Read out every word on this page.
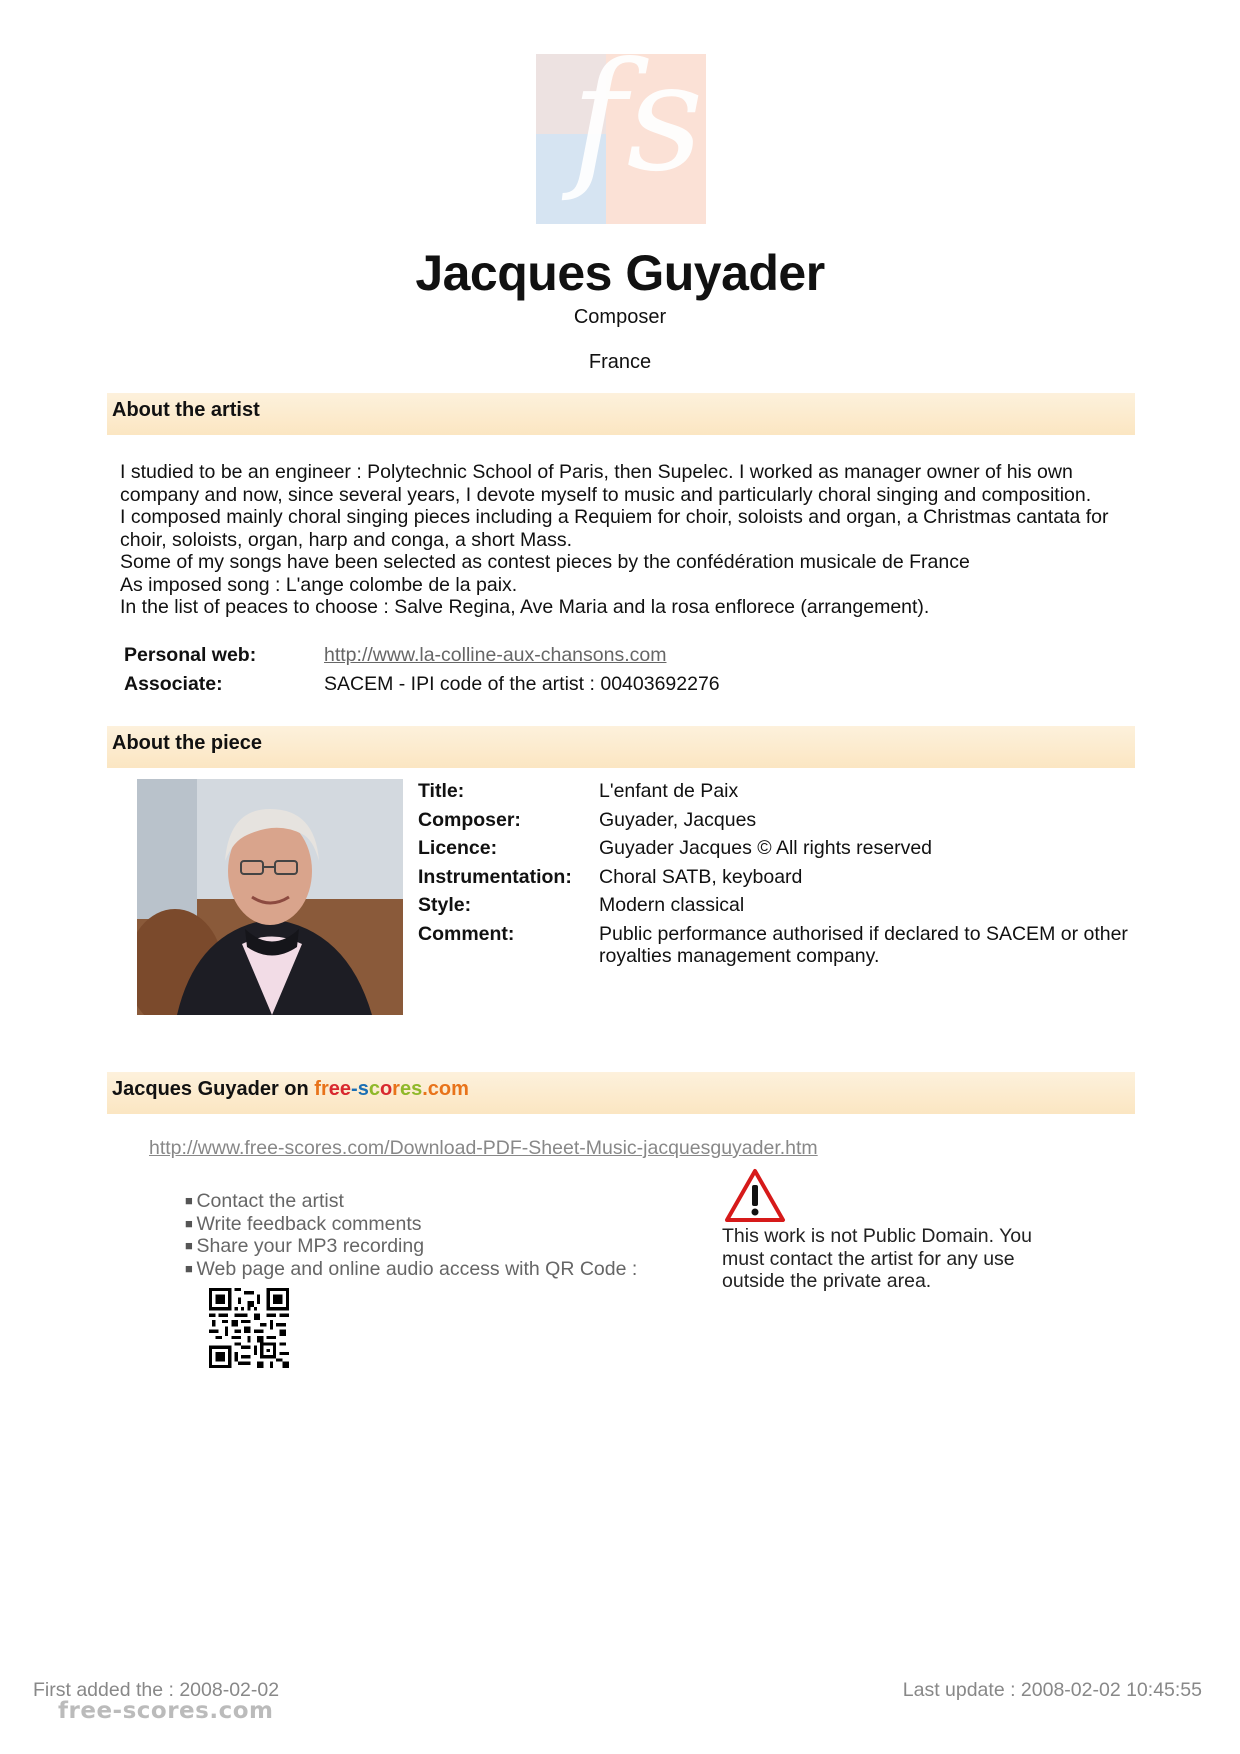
fs
Jacques Guyader
Composer
France
About the artist

I studied to be an engineer : Polytechnic School of Paris, then Supelec. I worked as manager owner of his own company and now, since several years, I devote myself to music and particularly choral singing and composition.

I composed mainly choral singing pieces including a Requiem for choir, soloists and organ, a Christmas cantata for choir, soloists, organ, harp and conga, a short Mass.

Some of my songs have been selected as contest pieces by the confédération musicale de France

As imposed song : L'ange colombe de la paix.

In the list of peaces to choose : Salve Regina, Ave Maria and la rosa enflorece (arrangement).

Personal web:	http://www.la-colline-aux-chansons.com
Associate:	SACEM - IPI code of the artist : 00403692276
About the piece
Title:	L'enfant de Paix
Composer:	Guyader, Jacques
Licence:	Guyader Jacques © All rights reserved
Instrumentation:	Choral SATB, keyboard
Style:	Modern classical
Comment:	Public performance authorised if declared to SACEM or other royalties management company.
Jacques Guyader on free-scores.com
http://www.free-scores.com/Download-PDF-Sheet-Music-jacquesguyader.htm
■ Contact the artist
■ Write feedback comments
■ Share your MP3 recording
■ Web page and online audio access with QR Code :
This work is not Public Domain. You must contact the artist for any use outside the private area.
First added the : 2008-02-02
free-scores.com
Last update : 2008-02-02 10:45:55
